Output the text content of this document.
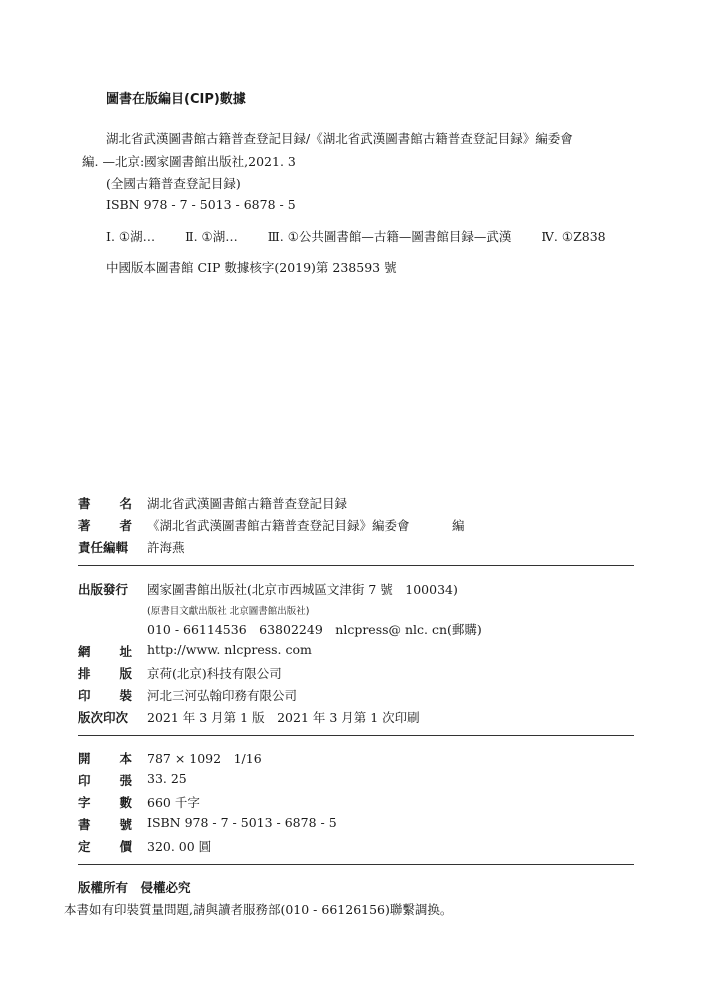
圖書在版編目(CIP)數據
湖北省武漢圖書館古籍普查登記目録/《湖北省武漢圖書館古籍普查登記目録》編委會
編. —北京:國家圖書館出版社,2021. 3
(全國古籍普查登記目録)
ISBN 978 - 7 - 5013 - 6878 - 5
Ⅰ. ①湖… Ⅱ. ①湖… Ⅲ. ①公共圖書館—古籍—圖書館目録—武漢 Ⅳ. ①Z838
中國版本圖書館 CIP 數據核字(2019)第 238593 號
書 名 湖北省武漢圖書館古籍普查登記目録
著 者 《湖北省武漢圖書館古籍普查登記目録》編委會	編
責任編輯 許海燕
出版發行 國家圖書館出版社(北京市西城區文津街 7 號　100034)
(原書目文獻出版社 北京圖書館出版社)
010 - 66114536　63802249　nlcpress@ nlc. cn(郵購)
網 址 http://www. nlcpress. com
排 版 京荷(北京)科技有限公司
印 裝 河北三河弘翰印務有限公司
版次印次 2021 年 3 月第 1 版　2021 年 3 月第 1 次印刷
開 本 787 × 1092　1/16
印 張 33. 25
字 數 660 千字
書 號 ISBN 978 - 7 - 5013 - 6878 - 5
定 價 320. 00 圓
版權所有　侵權必究
本書如有印裝質量問題,請與讀者服務部(010 - 66126156)聯繫調换。
